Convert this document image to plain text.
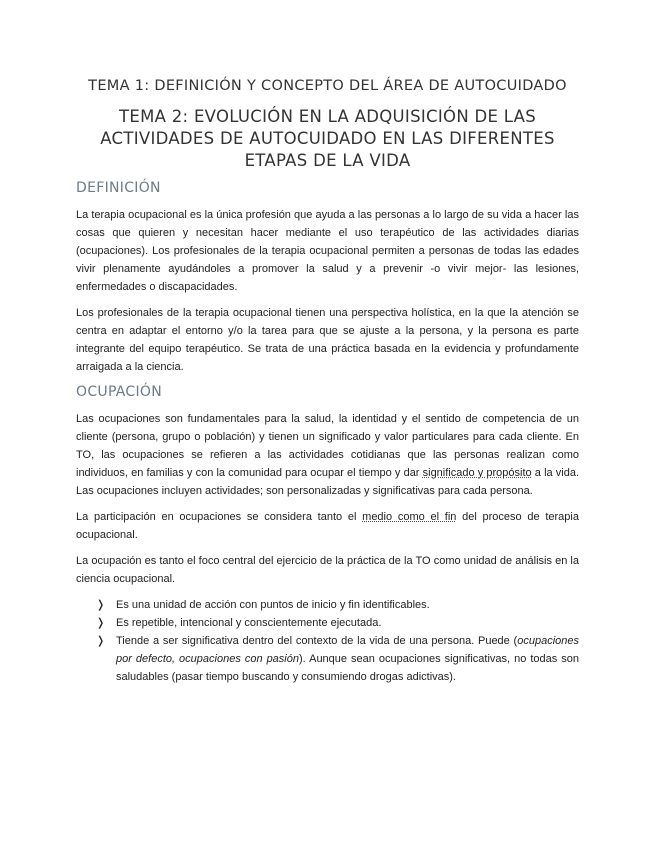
TEMA 1: DEFINICIÓN Y CONCEPTO DEL ÁREA DE AUTOCUIDADO
TEMA 2: EVOLUCIÓN EN LA ADQUISICIÓN DE LAS ACTIVIDADES DE AUTOCUIDADO EN LAS DIFERENTES ETAPAS DE LA VIDA
DEFINICIÓN

La terapia ocupacional es la única profesión que ayuda a las personas a lo largo de su vida a hacer las cosas que quieren y necesitan hacer mediante el uso terapéutico de las actividades diarias (ocupaciones). Los profesionales de la terapia ocupacional permiten a personas de todas las edades vivir plenamente ayudándoles a promover la salud y a prevenir -o vivir mejor- las lesiones, enfermedades o discapacidades.

Los profesionales de la terapia ocupacional tienen una perspectiva holística, en la que la atención se centra en adaptar el entorno y/o la tarea para que se ajuste a la persona, y la persona es parte integrante del equipo terapéutico. Se trata de una práctica basada en la evidencia y profundamente arraigada a la ciencia.

OCUPACIÓN

Las ocupaciones son fundamentales para la salud, la identidad y el sentido de competencia de un cliente (persona, grupo o población) y tienen un significado y valor particulares para cada cliente. En TO, las ocupaciones se refieren a las actividades cotidianas que las personas realizan como individuos, en familias y con la comunidad para ocupar el tiempo y dar significado y propósito a la vida. Las ocupaciones incluyen actividades; son personalizadas y significativas para cada persona.

La participación en ocupaciones se considera tanto el medio como el fin del proceso de terapia ocupacional.

La ocupación es tanto el foco central del ejercicio de la práctica de la TO como unidad de análisis en la ciencia ocupacional.

❭ Es una unidad de acción con puntos de inicio y fin identificables.
❭ Es repetible, intencional y conscientemente ejecutada.
❭ Tiende a ser significativa dentro del contexto de la vida de una persona. Puede (ocupaciones por defecto, ocupaciones con pasión). Aunque sean ocupaciones significativas, no todas son saludables (pasar tiempo buscando y consumiendo drogas adictivas).
